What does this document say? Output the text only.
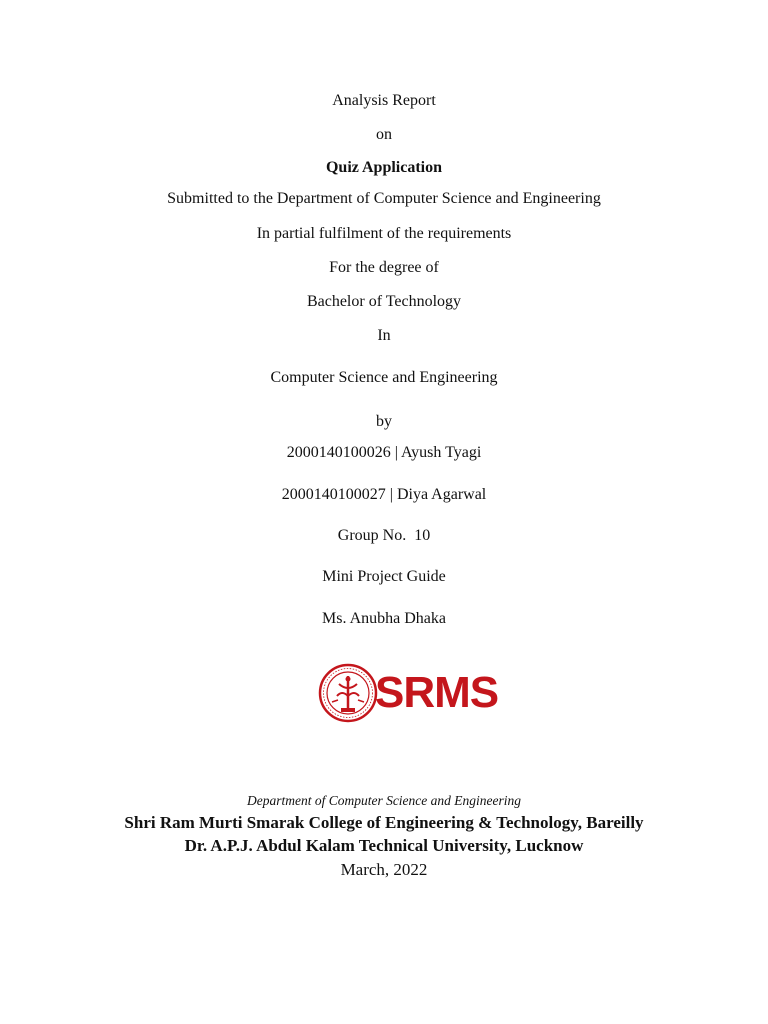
Analysis Report
on
Quiz Application
Submitted to the Department of Computer Science and Engineering
In partial fulfilment of the requirements
For the degree of
Bachelor of Technology
In
Computer Science and Engineering
by
2000140100026 | Ayush Tyagi
2000140100027 | Diya Agarwal
Group No.  10
Mini Project Guide
Ms. Anubha Dhaka
SRMS
Department of Computer Science and Engineering
Shri Ram Murti Smarak College of Engineering & Technology, Bareilly
Dr. A.P.J. Abdul Kalam Technical University, Lucknow
March, 2022
